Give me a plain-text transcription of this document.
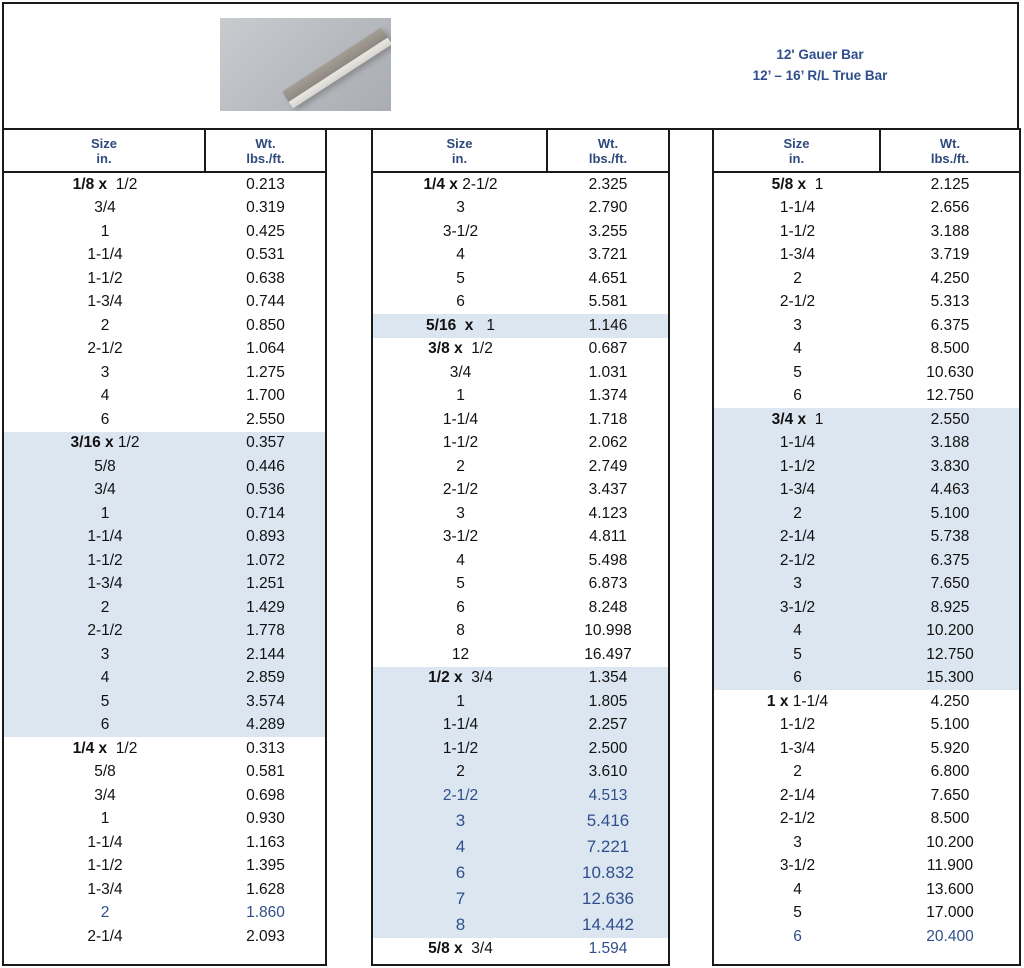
12' Gauer Bar
12’ – 16’ R/L True Bar
Size
in.
Wt.
lbs./ft.
1/8 x  1/2	0.213
3/4	0.319
1	0.425
1-1/4	0.531
1-1/2	0.638
1-3/4	0.744
2	0.850
2-1/2	1.064
3	1.275
4	1.700
6	2.550
3/16 x 1/2	0.357
5/8	0.446
3/4	0.536
1	0.714
1-1/4	0.893
1-1/2	1.072
1-3/4	1.251
2	1.429
2-1/2	1.778
3	2.144
4	2.859
5	3.574
6	4.289
1/4 x  1/2	0.313
5/8	0.581
3/4	0.698
1	0.930
1-1/4	1.163
1-1/2	1.395
1-3/4	1.628
2	1.860
2-1/4	2.093
Size
in.
Wt.
lbs./ft.
1/4 x 2-1/2	2.325
3	2.790
3-1/2	3.255
4	3.721
5	4.651
6	5.581
5/16  x   1	1.146
3/8 x  1/2	0.687
3/4	1.031
1	1.374
1-1/4	1.718
1-1/2	2.062
2	2.749
2-1/2	3.437
3	4.123
3-1/2	4.811
4	5.498
5	6.873
6	8.248
8	10.998
12	16.497
1/2 x  3/4	1.354
1	1.805
1-1/4	2.257
1-1/2	2.500
2	3.610
2-1/2	4.513
3	5.416
4	7.221
6	10.832
7	12.636
8	14.442
5/8 x  3/4	1.594
Size
in.
Wt.
lbs./ft.
5/8 x  1	2.125
1-1/4	2.656
1-1/2	3.188
1-3/4	3.719
2	4.250
2-1/2	5.313
3	6.375
4	8.500
5	10.630
6	12.750
3/4 x  1	2.550
1-1/4	3.188
1-1/2	3.830
1-3/4	4.463
2	5.100
2-1/4	5.738
2-1/2	6.375
3	7.650
3-1/2	8.925
4	10.200
5	12.750
6	15.300
1 x 1-1/4	4.250
1-1/2	5.100
1-3/4	5.920
2	6.800
2-1/4	7.650
2-1/2	8.500
3	10.200
3-1/2	11.900
4	13.600
5	17.000
6	20.400
